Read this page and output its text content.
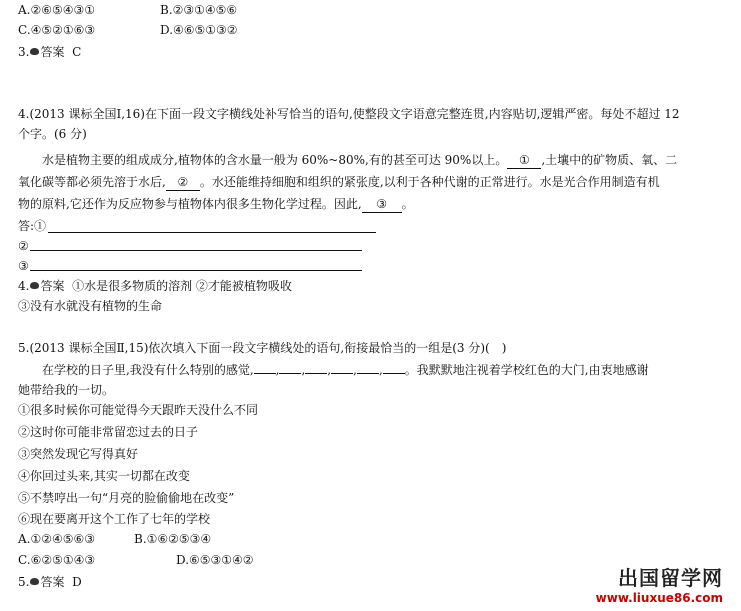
A.②⑥⑤④③①	B.②③①④⑤⑥
C.④⑤②①⑥③	D.④⑥⑤①③②
3. 答案 C
4.(2013 课标全国Ⅰ,16)在下面一段文字横线处补写恰当的语句,使整段文字语意完整连贯,内容贴切,逻辑严密。每处不超过 12
个字。(6 分)
水是植物主要的组成成分,植物体的含水量一般为 60%~80%,有的甚至可达 90%以上。 ① ,土壤中的矿物质、氧、二
氧化碳等都必须先溶于水后, ② 。水还能维持细胞和组织的紧张度,以利于各种代谢的正常进行。水是光合作用制造有机
物的原料,它还作为反应物参与植物体内很多生物化学过程。因此, ③ 。
答:①
②
③
4. 答案 ①水是很多物质的溶剂 ②才能被植物吸收
③没有水就没有植物的生命
5.(2013 课标全国Ⅱ,15)依次填入下面一段文字横线处的语句,衔接最恰当的一组是(3 分)(　)
在学校的日子里,我没有什么特别的感觉, , , , , , 。我默默地注视着学校红色的大门,由衷地感谢
她带给我的一切。
①很多时候你可能觉得今天跟昨天没什么不同
②这时你可能非常留恋过去的日子
③突然发现它写得真好
④你回过头来,其实一切都在改变
⑤不禁哼出一句“月亮的脸偷偷地在改变”
⑥现在要离开这个工作了七年的学校
A.①②④⑤⑥③	B.①⑥②⑤③④
C.⑥②⑤①④③	D.⑥⑤③①④②
5. 答案 D	出国留学网
www.liuxue86.com
